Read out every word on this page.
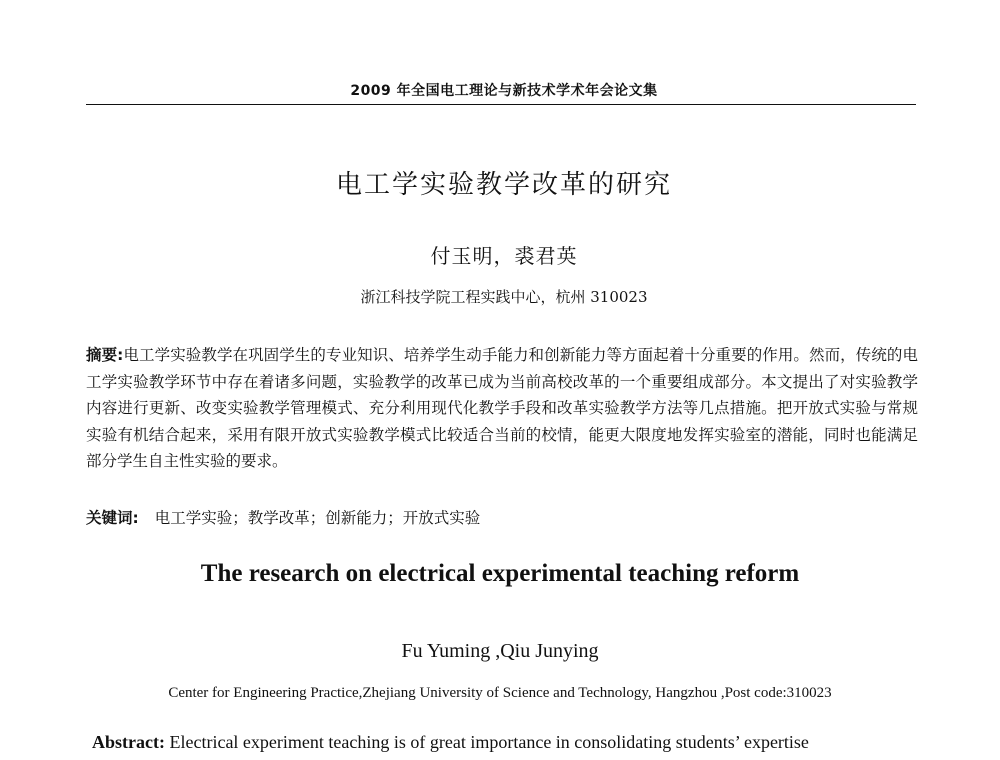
2009 年全国电工理论与新技术学术年会论文集
电工学实验教学改革的研究
付玉明，裘君英
浙江科技学院工程实践中心，杭州 310023
摘要:电工学实验教学在巩固学生的专业知识、培养学生动手能力和创新能力等方面起着十分重要的作用。然而，传统的电工学实验教学环节中存在着诸多问题，实验教学的改革已成为当前高校改革的一个重要组成部分。本文提出了对实验教学内容进行更新、改变实验教学管理模式、充分利用现代化教学手段和改革实验教学方法等几点措施。把开放式实验与常规实验有机结合起来，采用有限开放式实验教学模式比较适合当前的校情，能更大限度地发挥实验室的潜能，同时也能满足部分学生自主性实验的要求。
关键词: 电工学实验；教学改革；创新能力；开放式实验
The research on electrical experimental teaching reform
Fu Yuming ,Qiu Junying
Center for Engineering Practice,Zhejiang University of Science and Technology, Hangzhou ,Post code:310023
Abstract: Electrical experiment teaching is of great importance in consolidating students’ expertise
